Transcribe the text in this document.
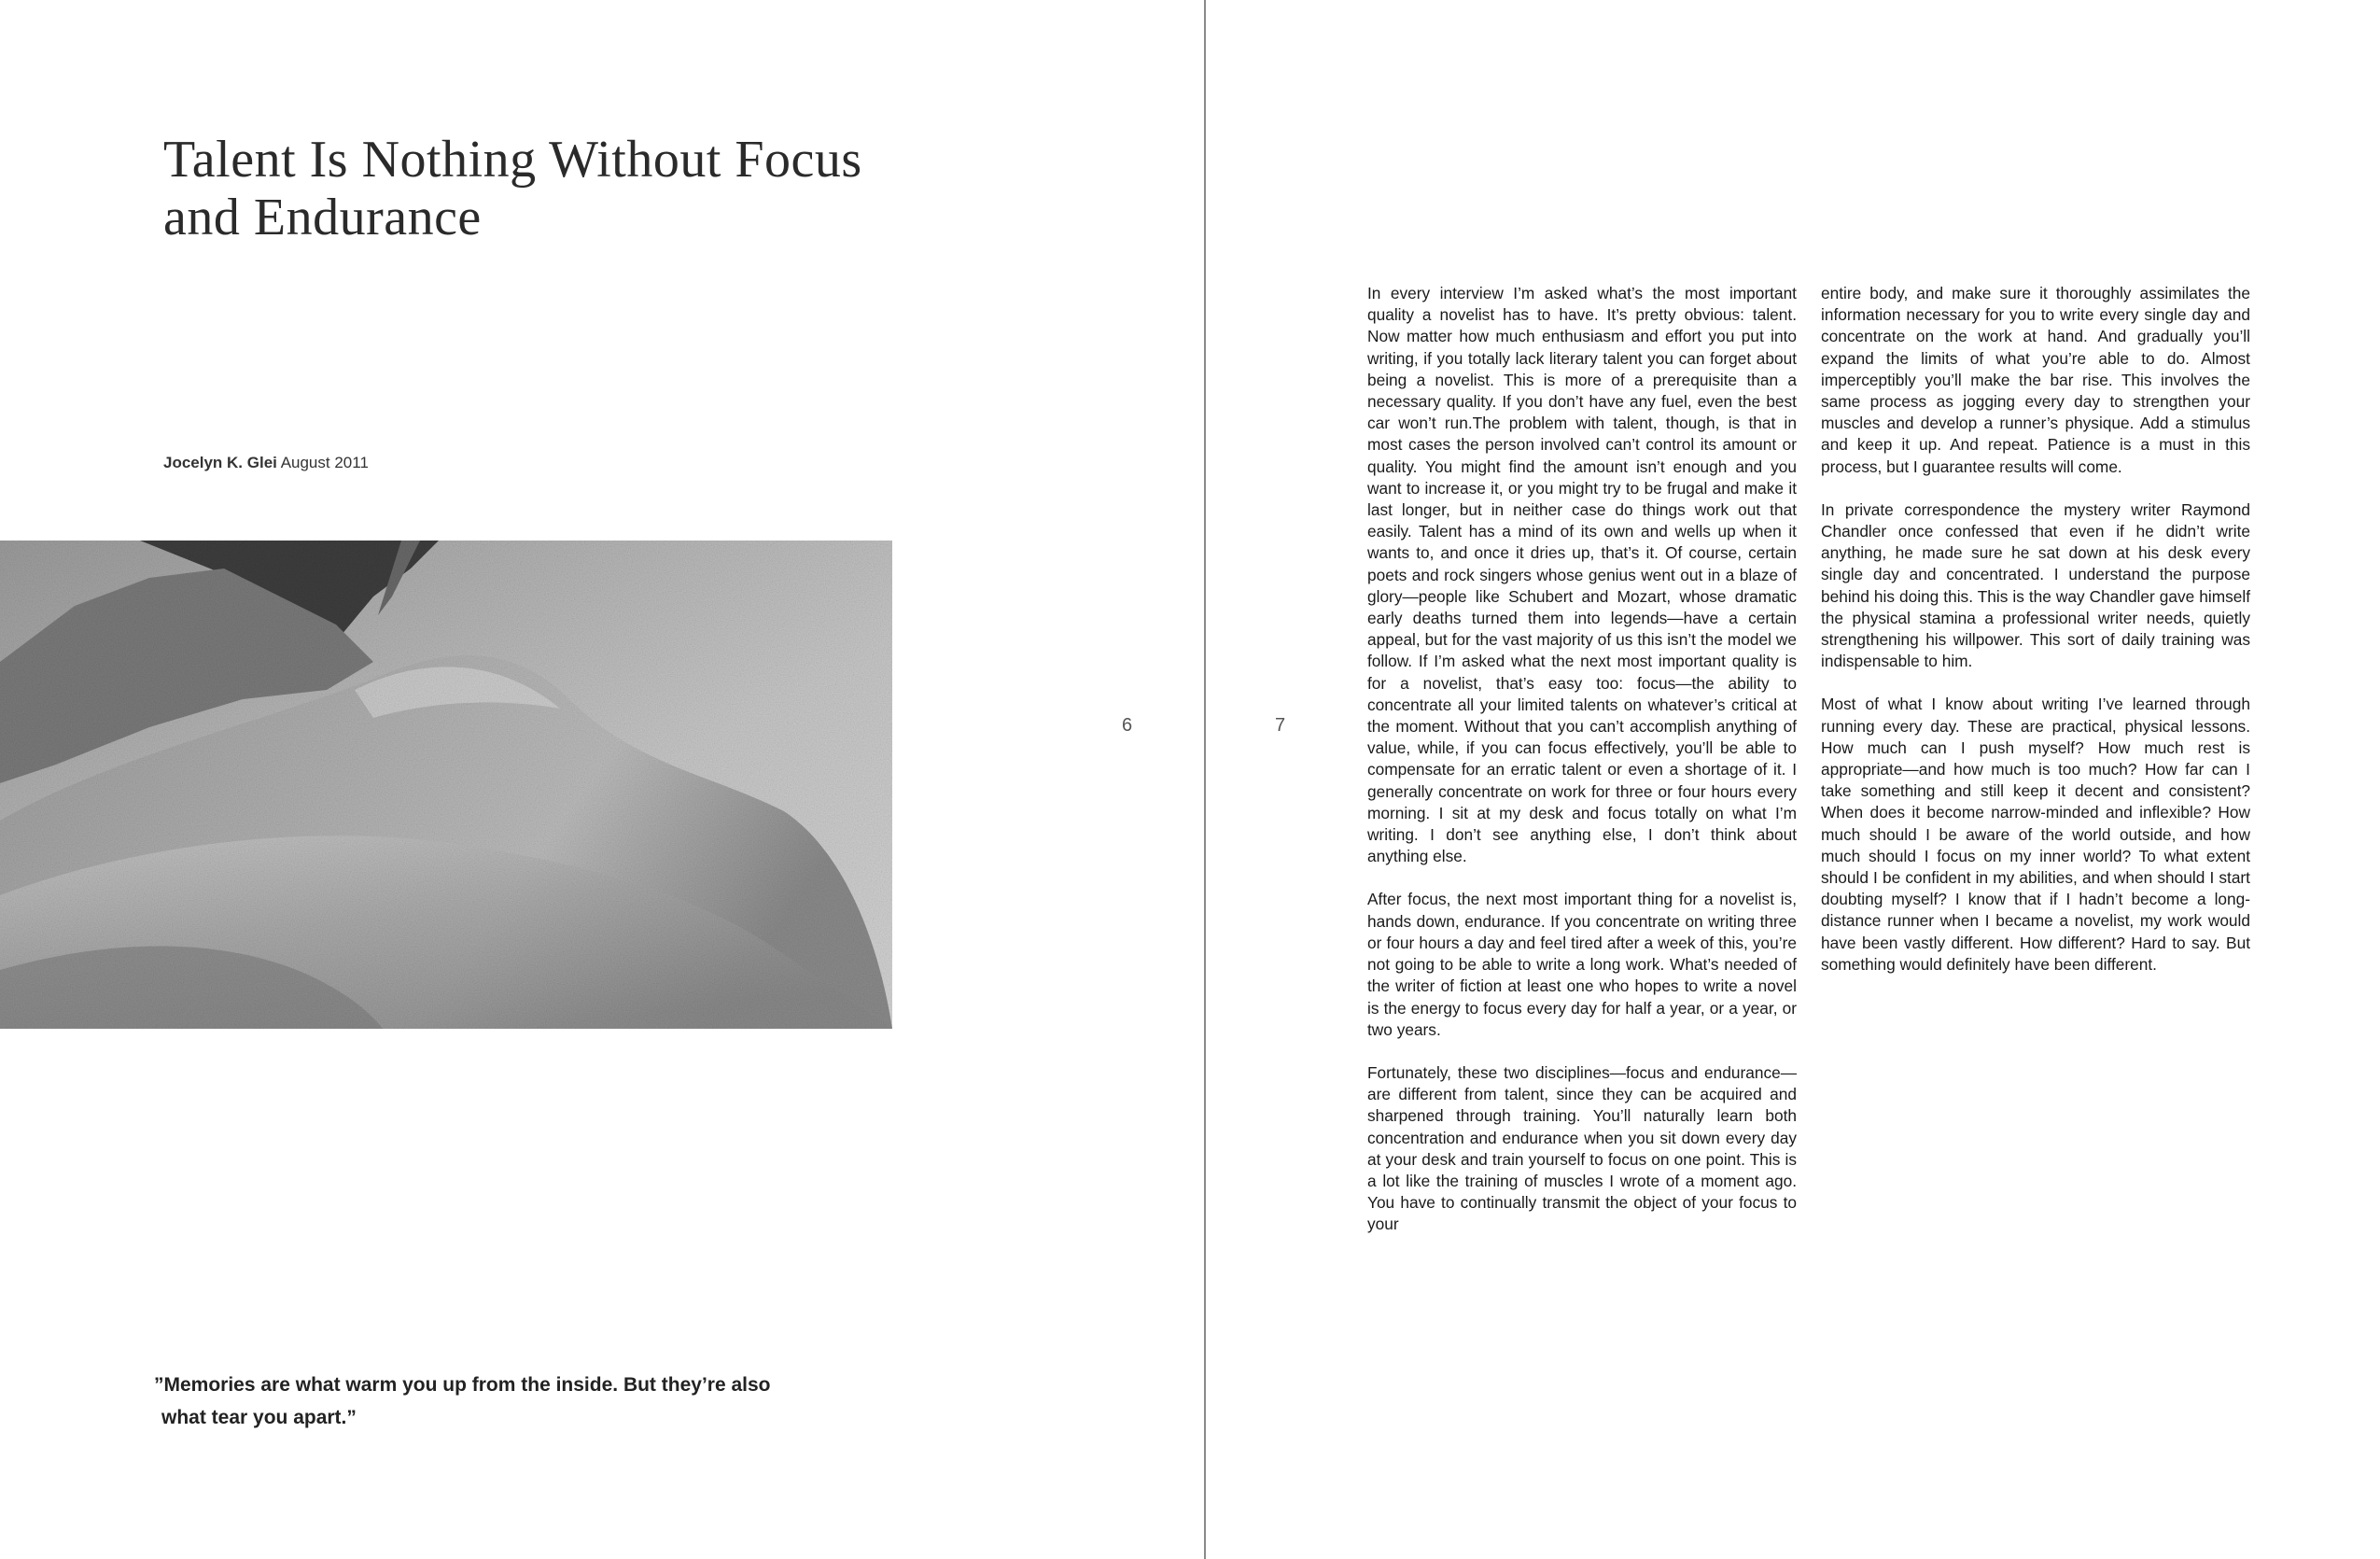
Talent Is Nothing Without Focus
and Endurance
Jocelyn K. Glei August 2011
”Memories are what warm you up from the inside. But they’re also
what tear you apart.”
6	7

In every interview I’m asked what’s the most important quality a novelist has to have. It’s pretty obvious: talent. Now matter how much enthusiasm and effort you put into writing, if you totally lack literary talent you can forget about being a novelist. This is more of a prerequisite than a necessary quality. If you don’t have any fuel, even the best car won’t run.The problem with talent, though, is that in most cases the person involved can’t control its amount or quality. You might find the amount isn’t enough and you want to increase it, or you might try to be frugal and make it last longer, but in neither case do things work out that easily. Talent has a mind of its own and wells up when it wants to, and once it dries up, that’s it. Of course, certain poets and rock singers whose genius went out in a blaze of glory—people like Schubert and Mozart, whose dramatic early deaths turned them into legends—have a certain appeal, but for the vast majority of us this isn’t the model we follow. If I’m asked what the next most important quality is for a novelist, that’s easy too: focus—the ability to concentrate all your limited talents on whatever’s critical at the moment. Without that you can’t accomplish anything of value, while, if you can focus effectively, you’ll be able to compensate for an erratic talent or even a shortage of it. I generally concentrate on work for three or four hours every morning. I sit at my desk and focus totally on what I’m writing. I don’t see anything else, I don’t think about anything else.

After focus, the next most important thing for a novelist is, hands down, endurance. If you concentrate on writing three or four hours a day and feel tired after a week of this, you’re not going to be able to write a long work. What’s needed of the writer of fiction at least one who hopes to write a novel is the energy to focus every day for half a year, or a year, or two years.

Fortunately, these two disciplines—focus and endurance—are different from talent, since they can be acquired and sharpened through training. You’ll naturally learn both concentration and endurance when you sit down every day at your desk and train yourself to focus on one point. This is a lot like the training of muscles I wrote of a moment ago. You have to continually transmit the object of your focus to your

entire body, and make sure it thoroughly assimilates the information necessary for you to write every single day and concentrate on the work at hand. And gradually you’ll expand the limits of what you’re able to do. Almost imperceptibly you’ll make the bar rise. This involves the same process as jogging every day to strengthen your muscles and develop a runner’s physique. Add a stimulus and keep it up. And repeat. Patience is a must in this process, but I guarantee results will come.

In private correspondence the mystery writer Raymond Chandler once confessed that even if he didn’t write anything, he made sure he sat down at his desk every single day and concentrated. I understand the purpose behind his doing this. This is the way Chandler gave himself the physical stamina a professional writer needs, quietly strengthening his willpower. This sort of daily training was indispensable to him.

Most of what I know about writing I’ve learned through running every day. These are practical, physical lessons. How much can I push myself? How much rest is appropriate—and how much is too much? How far can I take something and still keep it decent and consistent? When does it become narrow-minded and inflexible? How much should I be aware of the world outside, and how much should I focus on my inner world? To what extent should I be confident in my abilities, and when should I start doubting myself? I know that if I hadn’t become a long-distance runner when I became a novelist, my work would have been vastly different. How different? Hard to say. But something would definitely have been different.
